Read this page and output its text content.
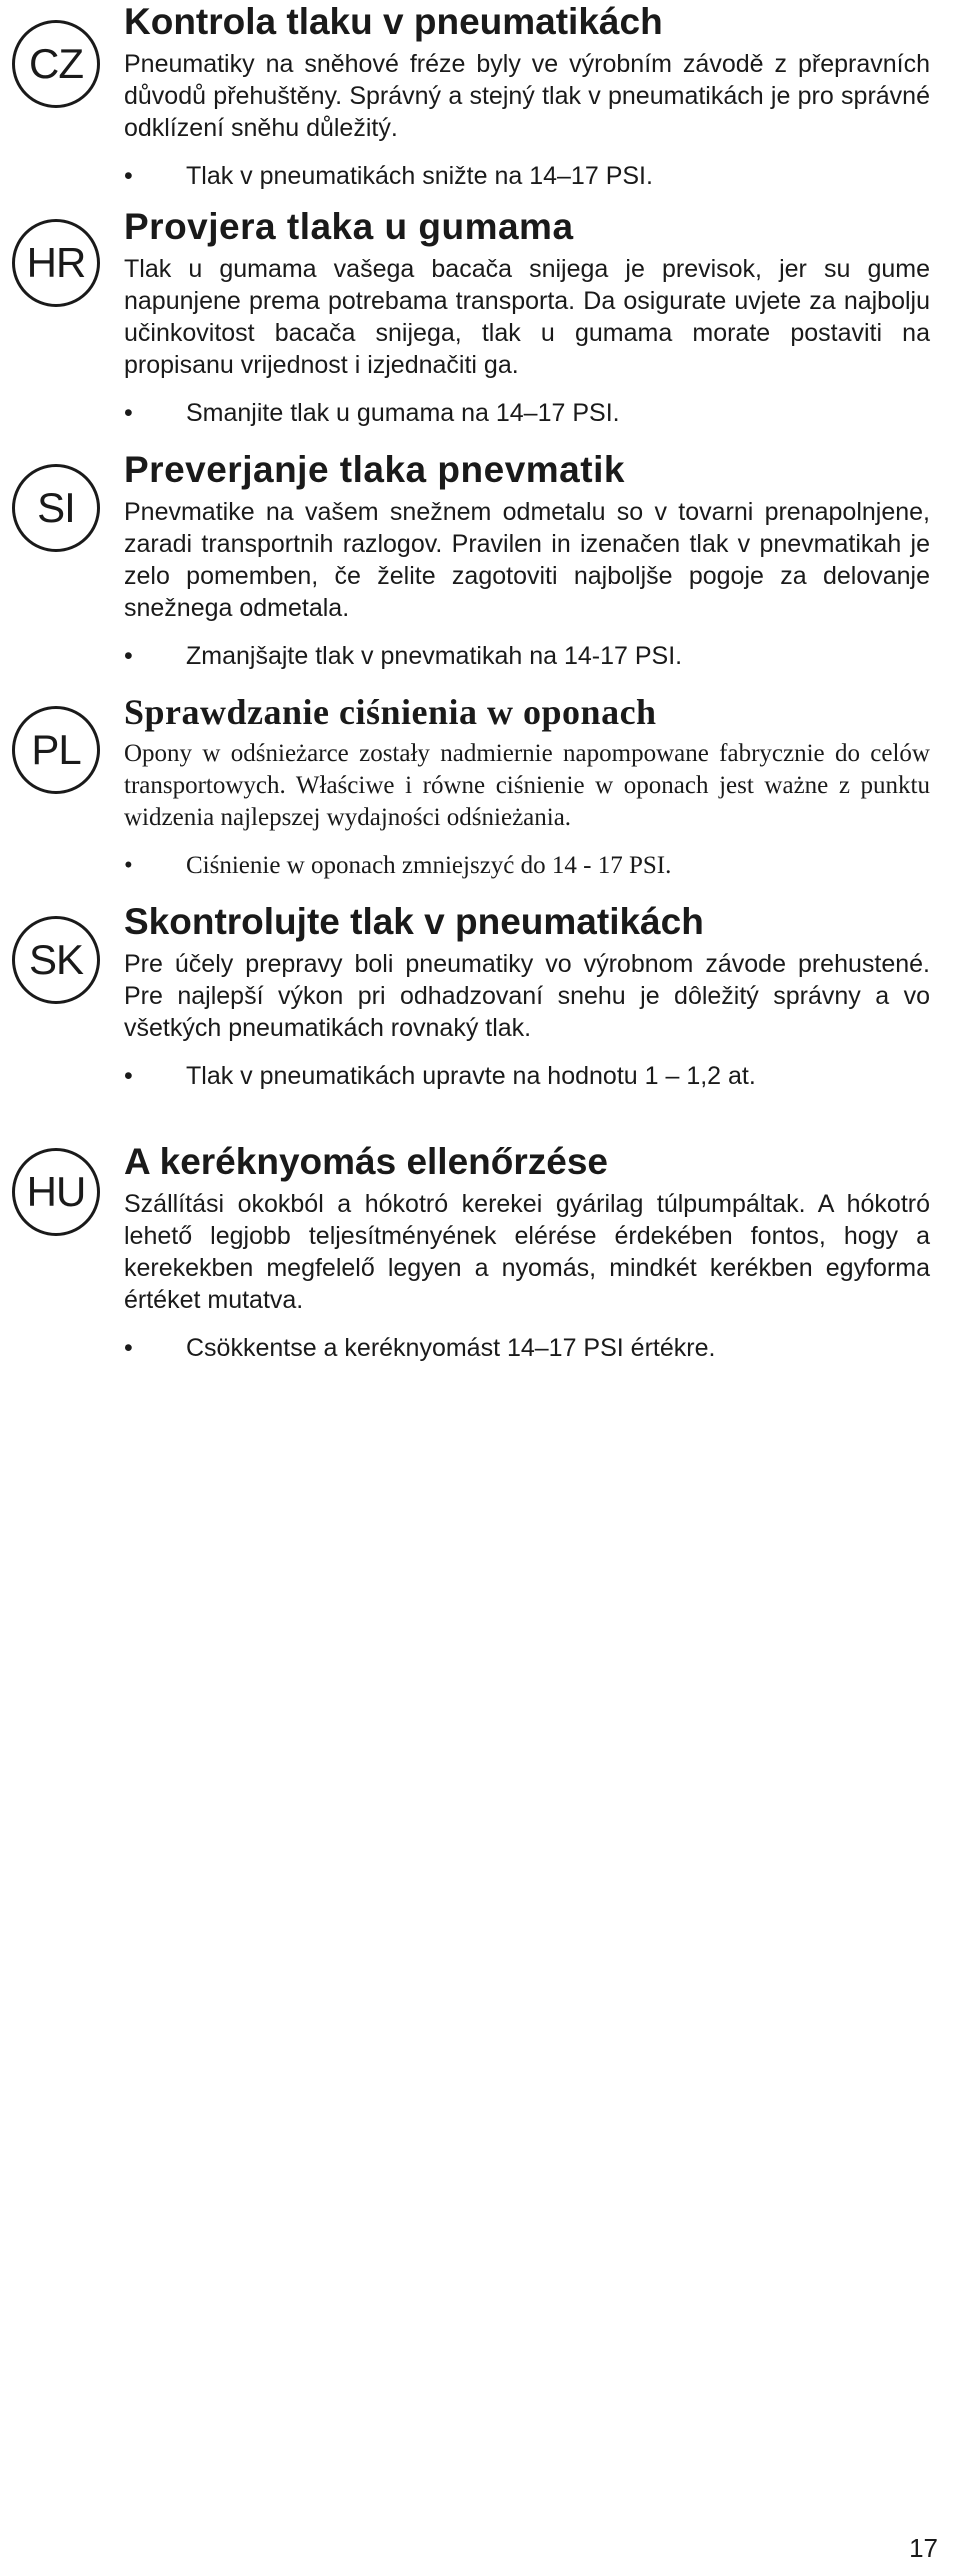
CZ
Kontrola tlaku v pneumatikách

Pneumatiky na sněhové fréze byly ve výrobním závodě z přepravních důvodů přehuštěny. Správný a stejný tlak v pneumatikách je pro správné odklízení sněhu důležitý.

• Tlak v pneumatikách snižte na 14–17 PSI.
HR
Provjera tlaka u gumama

Tlak u gumama vašega bacača snijega je previsok, jer su gume napunjene prema potrebama transporta. Da osigurate uvjete za najbolju učinkovitost bacača snijega, tlak u gumama morate postaviti na propisanu vrijednost i izjednačiti ga.

• Smanjite tlak u gumama na 14–17 PSI.
SI
Preverjanje tlaka pnevmatik

Pnevmatike na vašem snežnem odmetalu so v tovarni prenapolnjene, zaradi transportnih razlogov. Pravilen in izenačen tlak v pnevmatikah je zelo pomemben, če želite zagotoviti najboljše pogoje za delovanje snežnega odmetala.

• Zmanjšajte tlak v pnevmatikah na 14-17 PSI.
PL
Sprawdzanie ciśnienia w oponach

Opony w odśnieżarce zostały nadmiernie napompowane fabrycznie do celów transportowych. Właściwe i równe ciśnienie w oponach jest ważne z punktu widzenia najlepszej wydajności odśnieżania.

• Ciśnienie w oponach zmniejszyć do 14 - 17 PSI.
SK
Skontrolujte tlak v pneumatikách

Pre účely prepravy boli pneumatiky vo výrobnom závode prehustené. Pre najlepší výkon pri odhadzovaní snehu je dôležitý správny a vo všetkých pneumatikách rovnaký tlak.

• Tlak v pneumatikách upravte na hodnotu 1 – 1,2 at.
HU
A keréknyomás ellenőrzése

Szállítási okokból a hókotró kerekei gyárilag túlpumpáltak. A hókotró lehető legjobb teljesítményének elérése érdekében fontos, hogy a kerekekben megfelelő legyen a nyomás, mindkét kerékben egyforma értéket mutatva.

• Csökkentse a keréknyomást 14–17 PSI értékre.
17
